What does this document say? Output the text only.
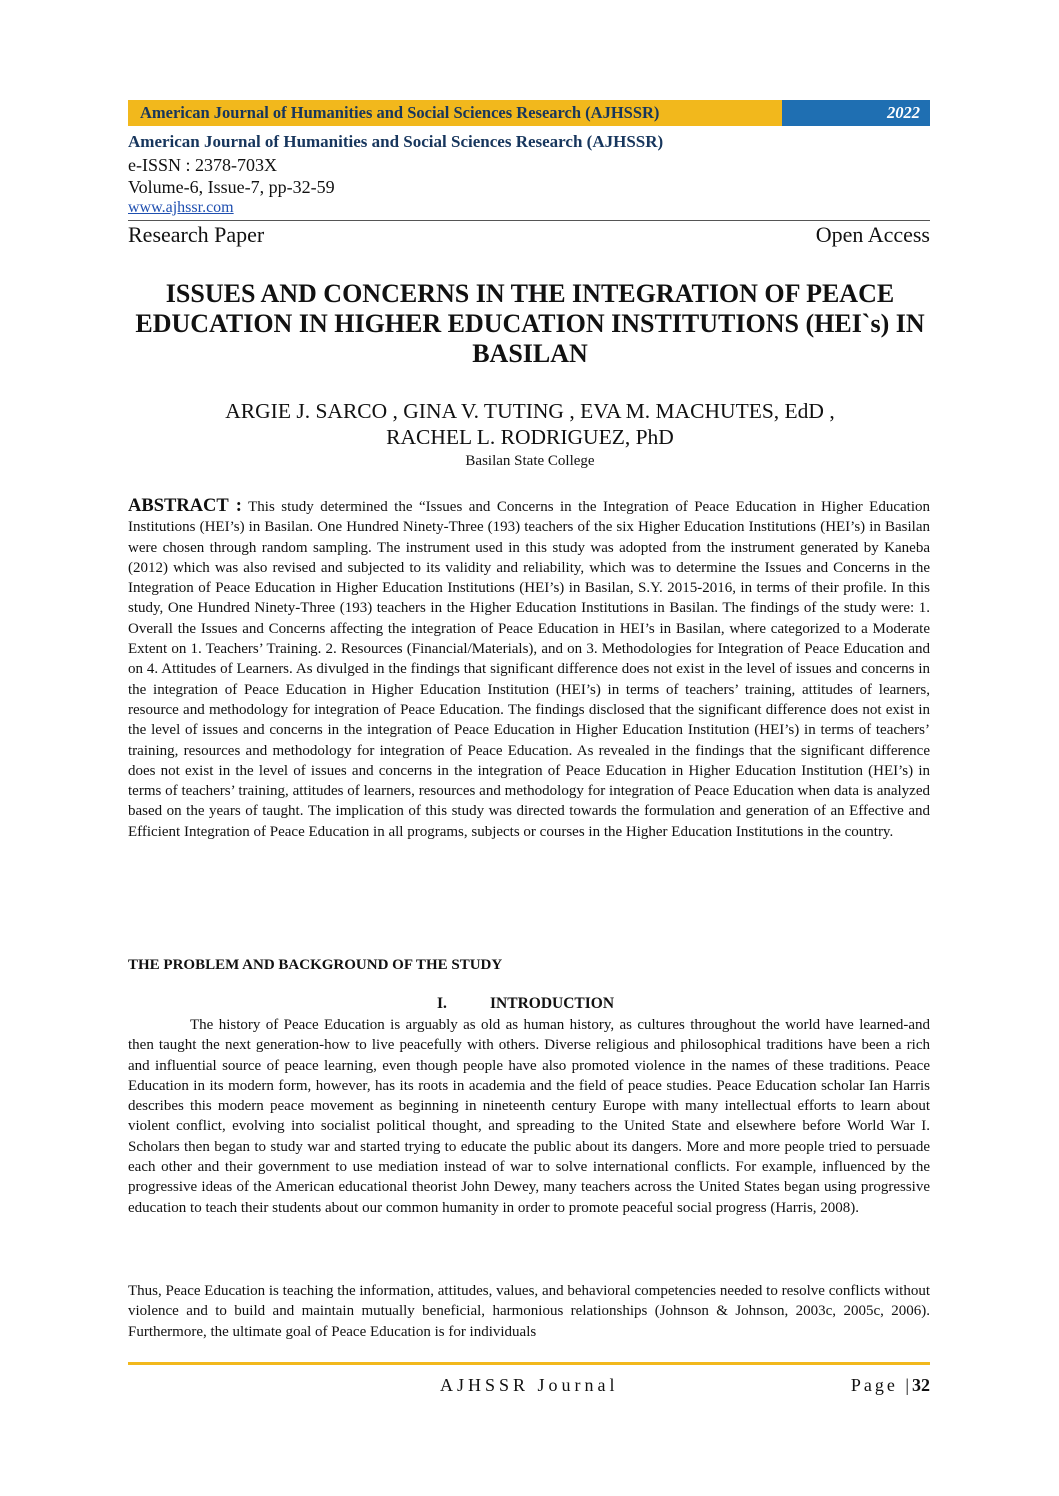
American Journal of Humanities and Social Sciences Research (AJHSSR)	2022
American Journal of Humanities and Social Sciences Research (AJHSSR)
e-ISSN : 2378-703X
Volume-6, Issue-7, pp-32-59
www.ajhssr.com
Research Paper	Open Access
ISSUES AND CONCERNS IN THE INTEGRATION OF PEACE EDUCATION IN HIGHER EDUCATION INSTITUTIONS (HEI`s) IN BASILAN
ARGIE J. SARCO , GINA V. TUTING , EVA M. MACHUTES, EdD ,
RACHEL L. RODRIGUEZ, PhD
Basilan State College
ABSTRACT : This study determined the “Issues and Concerns in the Integration of Peace Education in Higher Education Institutions (HEI’s) in Basilan. One Hundred Ninety-Three (193) teachers of the six Higher Education Institutions (HEI’s) in Basilan were chosen through random sampling. The instrument used in this study was adopted from the instrument generated by Kaneba (2012) which was also revised and subjected to its validity and reliability, which was to determine the Issues and Concerns in the Integration of Peace Education in Higher Education Institutions (HEI’s) in Basilan, S.Y. 2015-2016, in terms of their profile. In this study, One Hundred Ninety-Three (193) teachers in the Higher Education Institutions in Basilan. The findings of the study were: 1. Overall the Issues and Concerns affecting the integration of Peace Education in HEI’s in Basilan, where categorized to a Moderate Extent on 1. Teachers’ Training. 2. Resources (Financial/Materials), and on 3. Methodologies for Integration of Peace Education and on 4. Attitudes of Learners. As divulged in the findings that significant difference does not exist in the level of issues and concerns in the integration of Peace Education in Higher Education Institution (HEI’s) in terms of teachers’ training, attitudes of learners, resource and methodology for integration of Peace Education. The findings disclosed that the significant difference does not exist in the level of issues and concerns in the integration of Peace Education in Higher Education Institution (HEI’s) in terms of teachers’ training, resources and methodology for integration of Peace Education. As revealed in the findings that the significant difference does not exist in the level of issues and concerns in the integration of Peace Education in Higher Education Institution (HEI’s) in terms of teachers’ training, attitudes of learners, resources and methodology for integration of Peace Education when data is analyzed based on the years of taught. The implication of this study was directed towards the formulation and generation of an Effective and Efficient Integration of Peace Education in all programs, subjects or courses in the Higher Education Institutions in the country.
THE PROBLEM AND BACKGROUND OF THE STUDY
I.	INTRODUCTION
The history of Peace Education is arguably as old as human history, as cultures throughout the world have learned-and then taught the next generation-how to live peacefully with others. Diverse religious and philosophical traditions have been a rich and influential source of peace learning, even though people have also promoted violence in the names of these traditions. Peace Education in its modern form, however, has its roots in academia and the field of peace studies. Peace Education scholar Ian Harris describes this modern peace movement as beginning in nineteenth century Europe with many intellectual efforts to learn about violent conflict, evolving into socialist political thought, and spreading to the United State and elsewhere before World War I. Scholars then began to study war and started trying to educate the public about its dangers. More and more people tried to persuade each other and their government to use mediation instead of war to solve international conflicts. For example, influenced by the progressive ideas of the American educational theorist John Dewey, many teachers across the United States began using progressive education to teach their students about our common humanity in order to promote peaceful social progress (Harris, 2008).
Thus, Peace Education is teaching the information, attitudes, values, and behavioral competencies needed to resolve conflicts without violence and to build and maintain mutually beneficial, harmonious relationships (Johnson & Johnson, 2003c, 2005c, 2006). Furthermore, the ultimate goal of Peace Education is for individuals
AJHSSR Journal	Page |32
